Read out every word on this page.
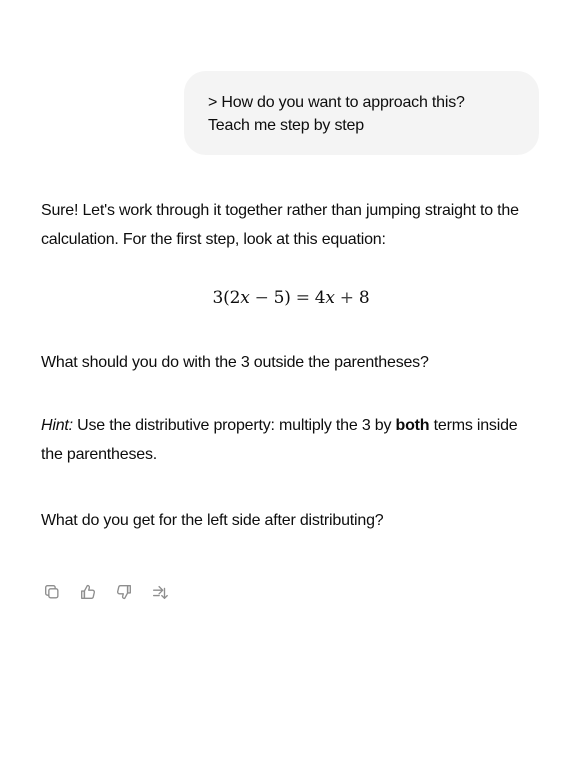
> How do you want to approach this?
Teach me step by step

Sure! Let's work through it together rather than jumping straight to the calculation. For the first step, look at this equation:

3(2x − 5) = 4x + 8

What should you do with the 3 outside the parentheses?

Hint: Use the distributive property: multiply the 3 by both terms inside the parentheses.

What do you get for the left side after distributing?
